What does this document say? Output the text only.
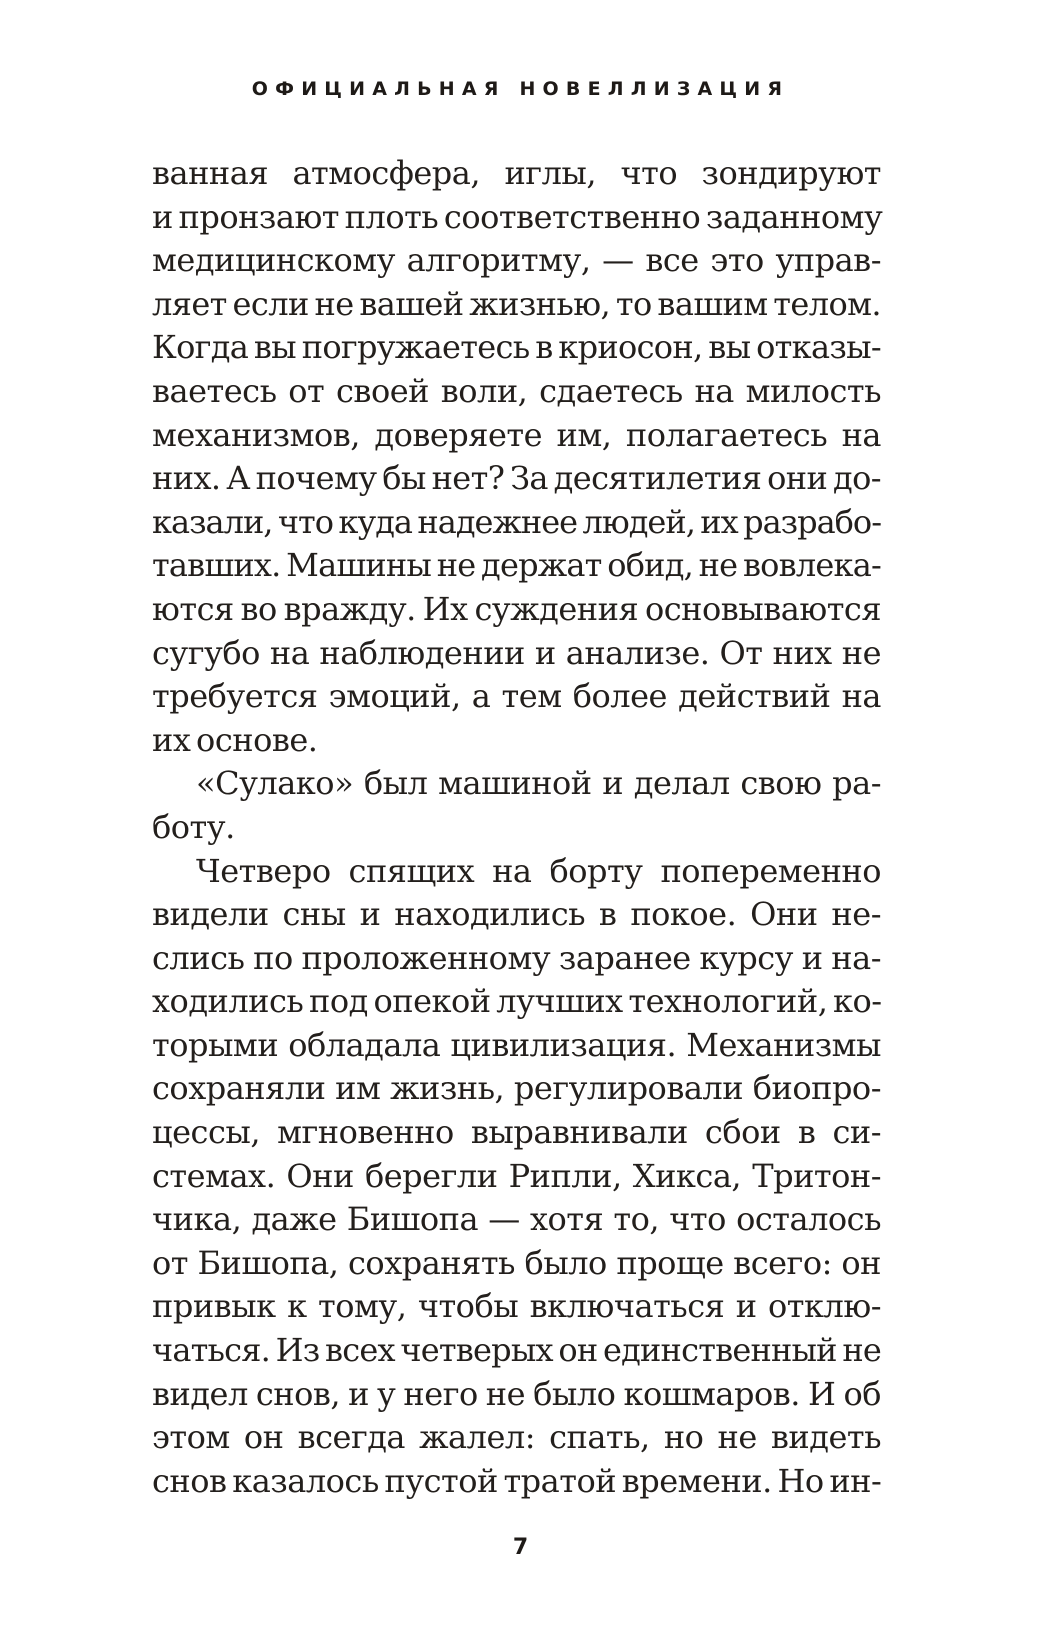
ОФИЦИАЛЬНАЯ НОВЕЛЛИЗАЦИЯ
ванная атмосфера, иглы, что зондируют
и пронзают плоть соответственно заданному
медицинскому алгоритму, — все это управ-
ляет если не вашей жизнью, то вашим телом.
Когда вы погружаетесь в криосон, вы отказы-
ваетесь от своей воли, сдаетесь на милость
механизмов, доверяете им, полагаетесь на
них. А почему бы нет? За десятилетия они до-
казали, что куда надежнее людей, их разрабо-
тавших. Машины не держат обид, не вовлека-
ются во вражду. Их суждения основываются
сугубо на наблюдении и анализе. От них не
требуется эмоций, а тем более действий на
их основе.
«Сулако» был машиной и делал свою ра-
боту.
Четверо спящих на борту попеременно
видели сны и находились в покое. Они не-
слись по проложенному заранее курсу и на-
ходились под опекой лучших технологий, ко-
торыми обладала цивилизация. Механизмы
сохраняли им жизнь, регулировали биопро-
цессы, мгновенно выравнивали сбои в си-
стемах. Они берегли Рипли, Хикса, Тритон-
чика, даже Бишопа — хотя то, что осталось
от Бишопа, сохранять было проще всего: он
привык к тому, чтобы включаться и отклю-
чаться. Из всех четверых он единственный не
видел снов, и у него не было кошмаров. И об
этом он всегда жалел: спать, но не видеть
снов казалось пустой тратой времени. Но ин-
7
